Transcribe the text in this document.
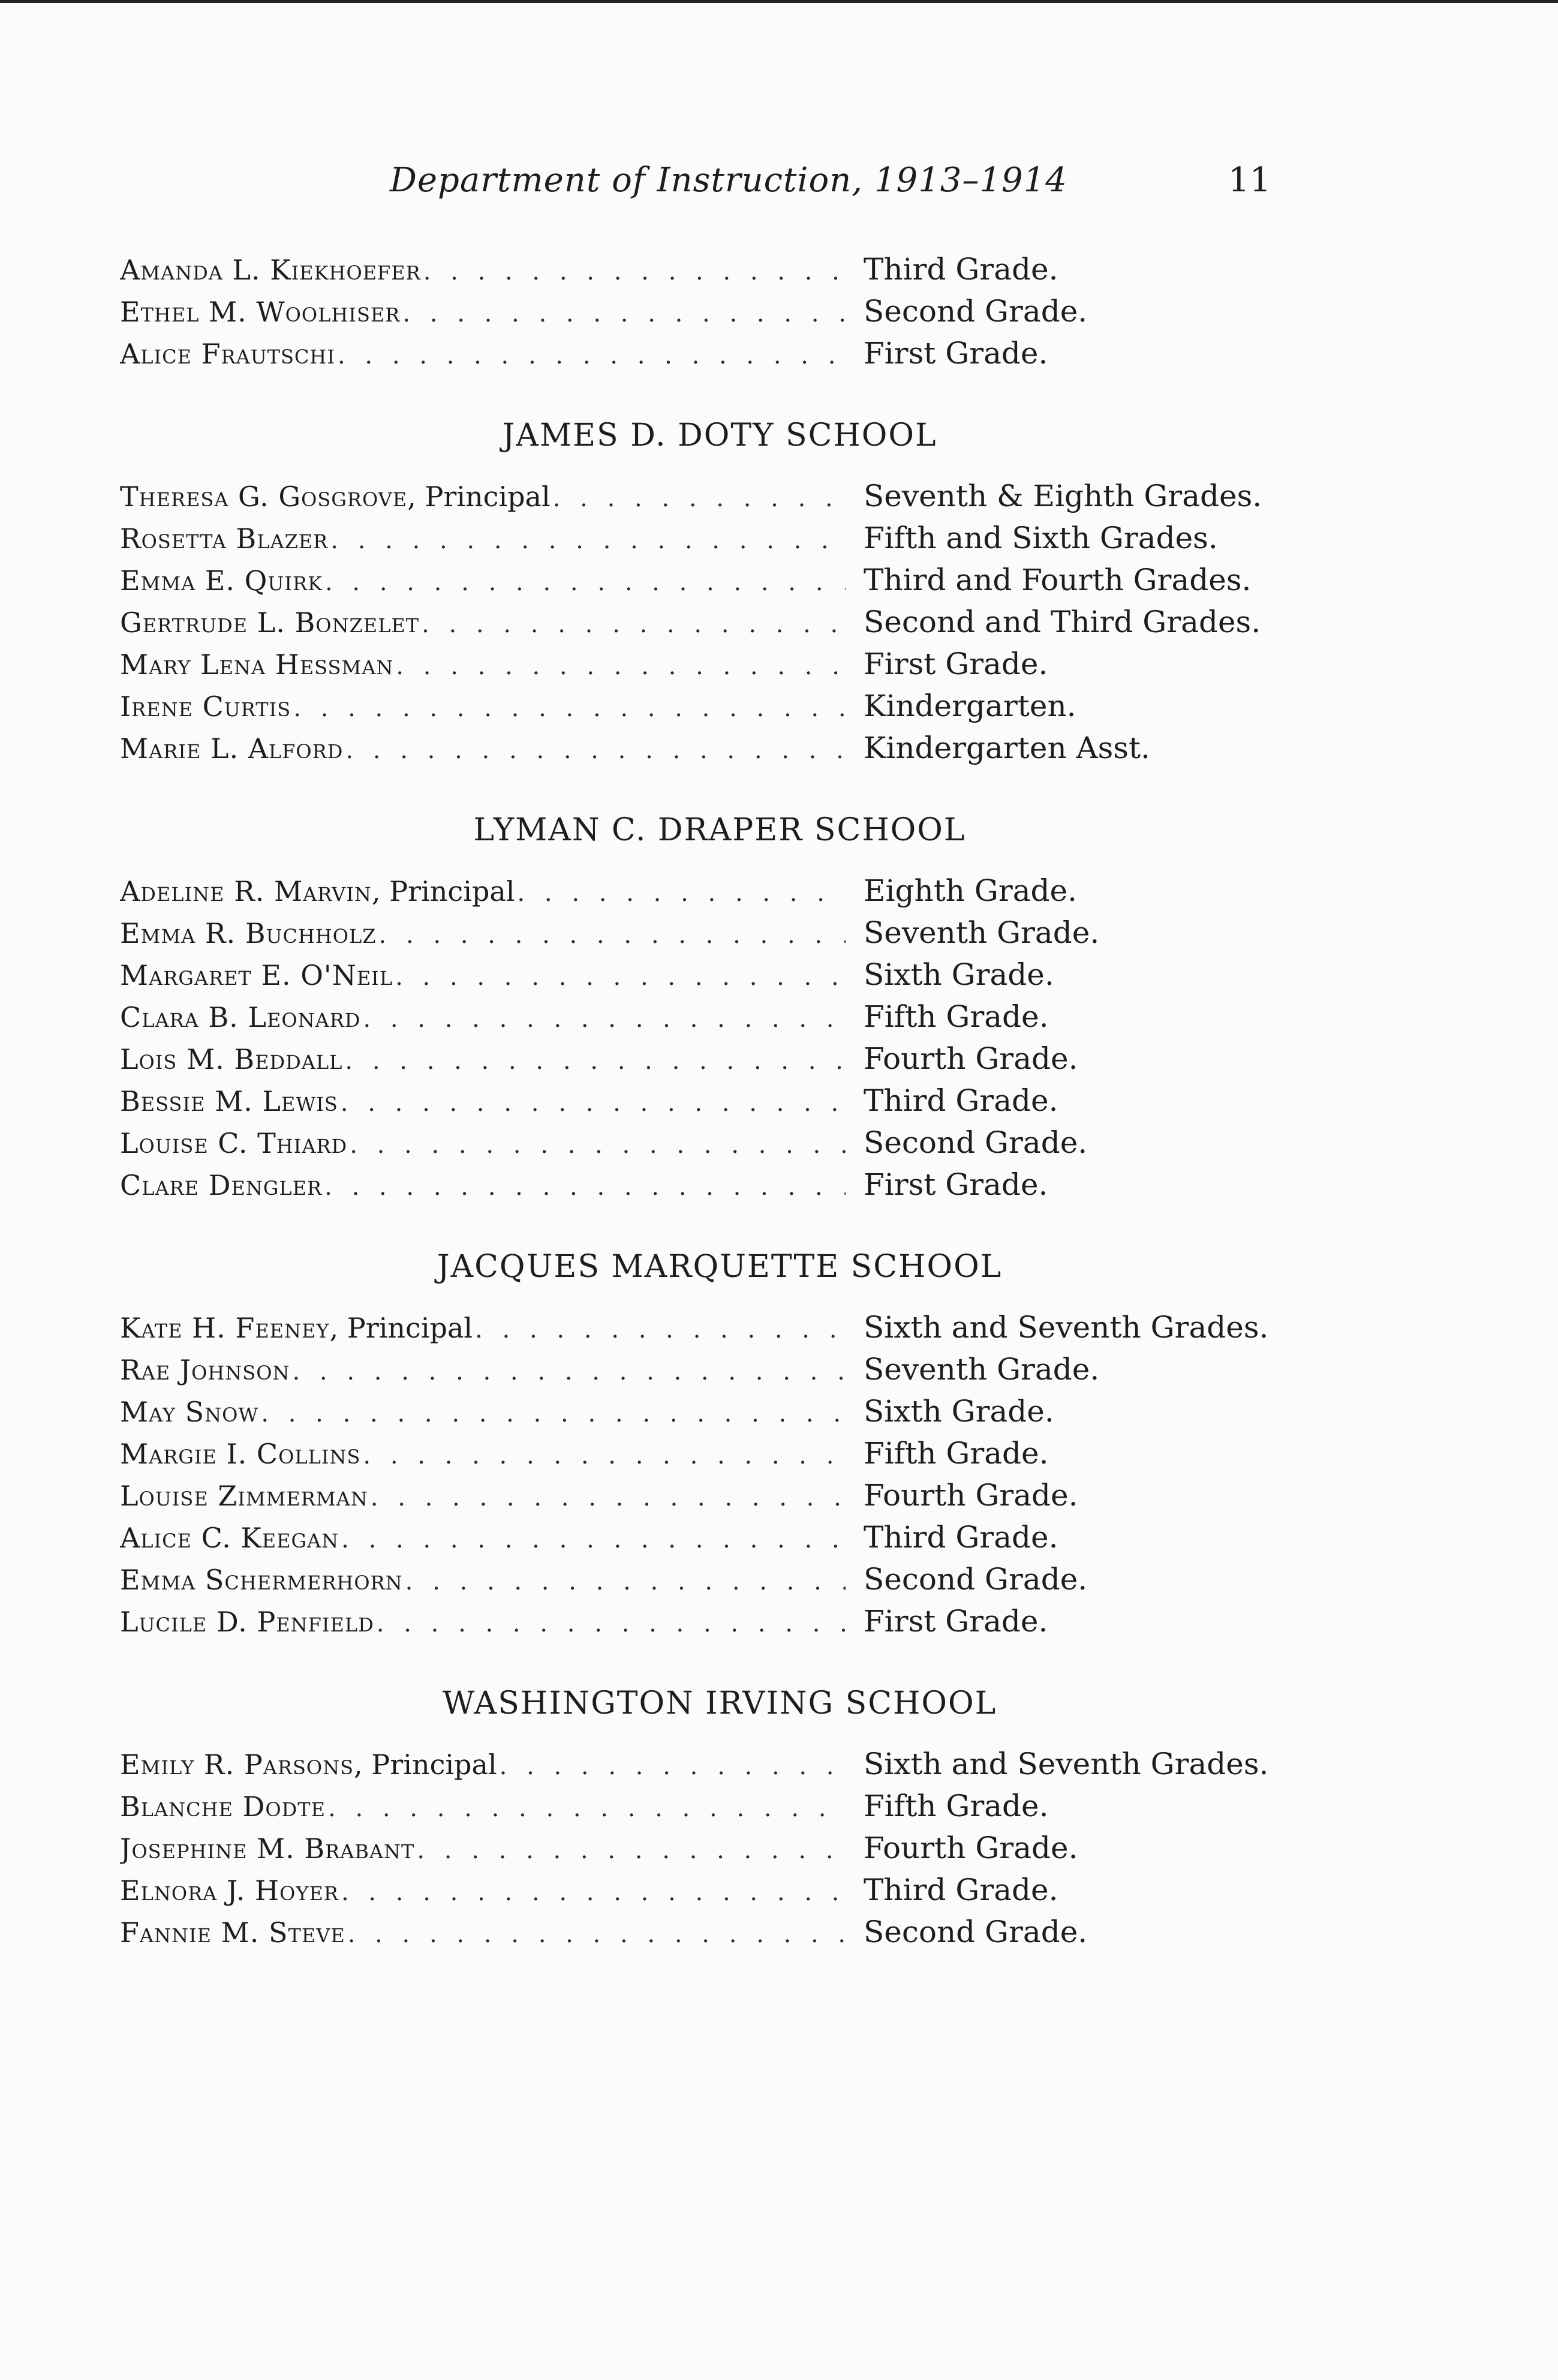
Department of Instruction, 1913–1914	11
Amanda L. Kiekhoefer . . .	Third Grade.
Ethel M. Woolhiser . . .	Second Grade.
Alice Frautschi . . .	First Grade.
JAMES D. DOTY SCHOOL
Theresa G. Gosgrove , Principal . . .	Seventh & Eighth Grades.
Rosetta Blazer . . .	Fifth and Sixth Grades.
Emma E. Quirk . . .	Third and Fourth Grades.
Gertrude L. Bonzelet . . .	Second and Third Grades.
Mary Lena Hessman . . .	First Grade.
Irene Curtis . . .	Kindergarten.
Marie L. Alford . . .	Kindergarten Asst.
LYMAN C. DRAPER SCHOOL
Adeline R. Marvin , Principal . . .	Eighth Grade.
Emma R. Buchholz . . .	Seventh Grade.
Margaret E. O'Neil . . .	Sixth Grade.
Clara B. Leonard . . .	Fifth Grade.
Lois M. Beddall . . .	Fourth Grade.
Bessie M. Lewis . . .	Third Grade.
Louise C. Thiard . . .	Second Grade.
Clare Dengler . . .	First Grade.
JACQUES MARQUETTE SCHOOL
Kate H. Feeney , Principal . . .	Sixth and Seventh Grades.
Rae Johnson . . .	Seventh Grade.
May Snow . . .	Sixth Grade.
Margie I. Collins . . .	Fifth Grade.
Louise Zimmerman . . .	Fourth Grade.
Alice C. Keegan . . .	Third Grade.
Emma Schermerhorn . . .	Second Grade.
Lucile D. Penfield . . .	First Grade.
WASHINGTON IRVING SCHOOL
Emily R. Parsons , Principal . . .	Sixth and Seventh Grades.
Blanche Dodte . . .	Fifth Grade.
Josephine M. Brabant . . .	Fourth Grade.
Elnora J. Hoyer . . .	Third Grade.
Fannie M. Steve . . .	Second Grade.
